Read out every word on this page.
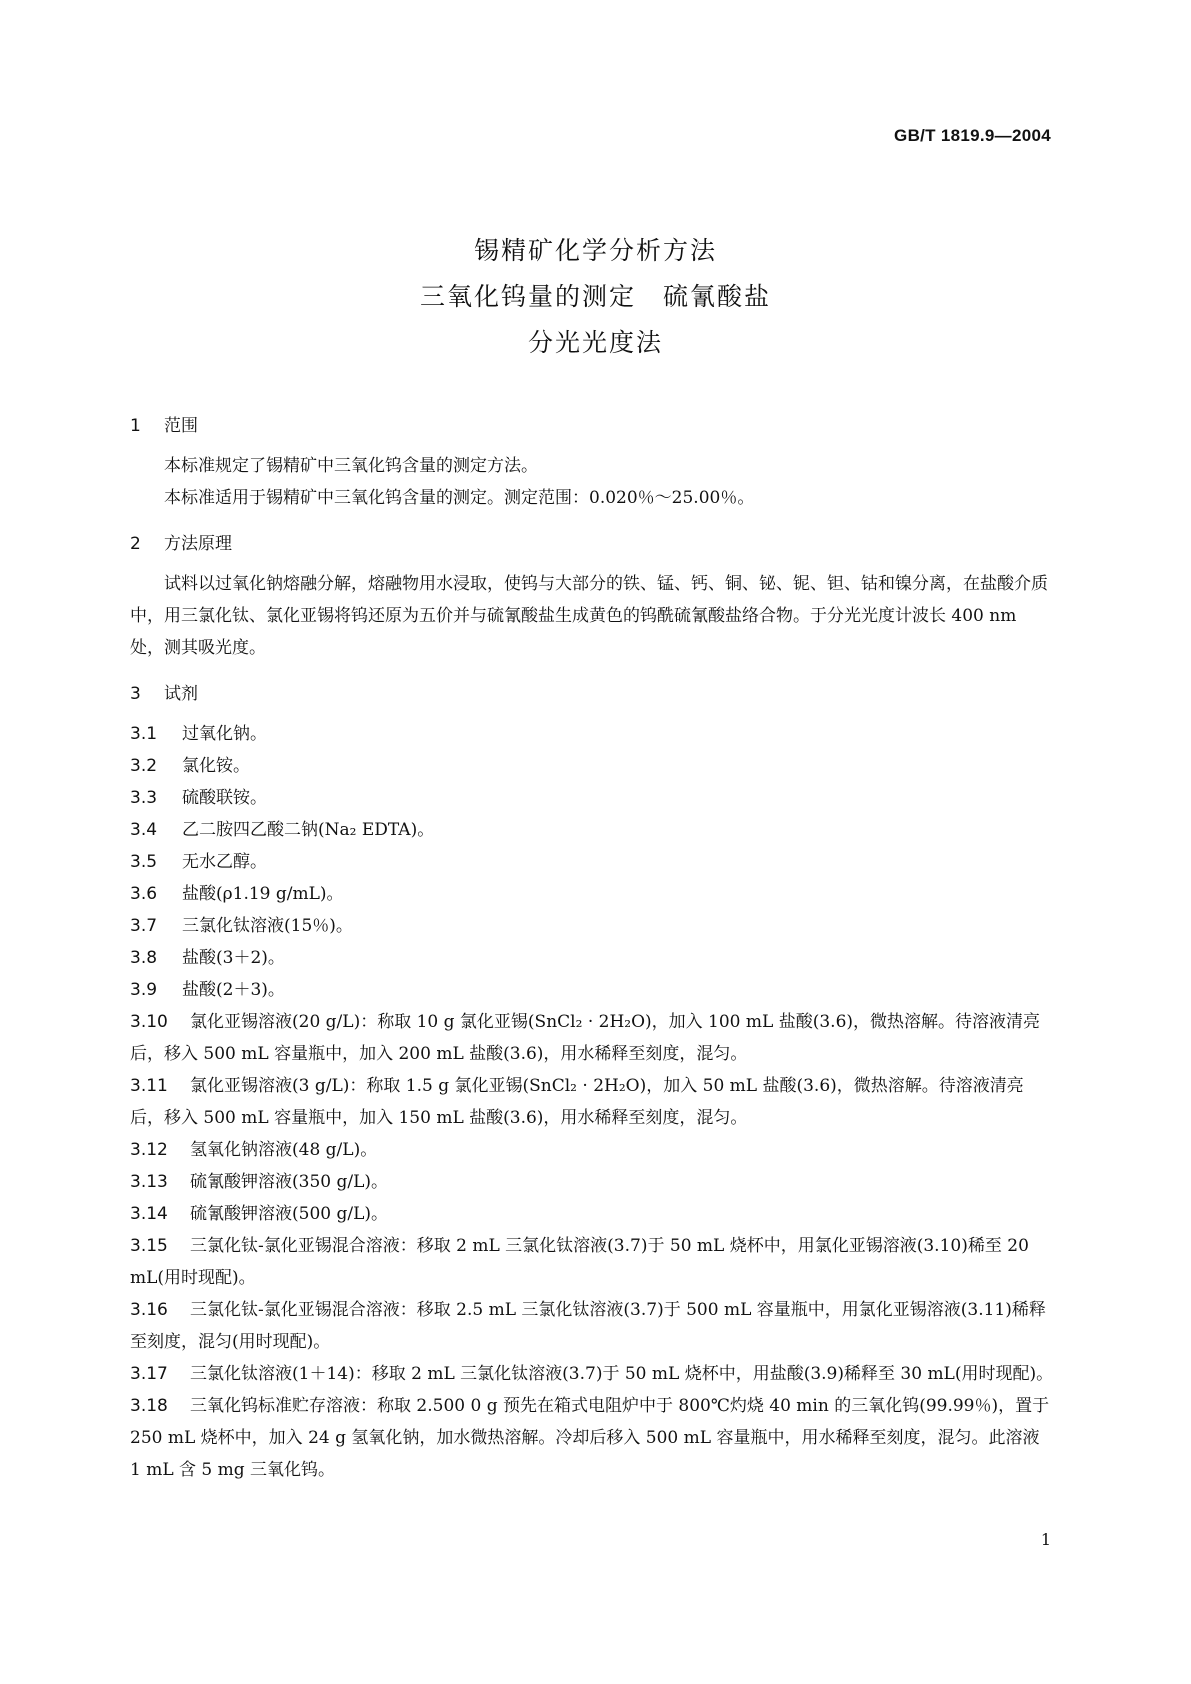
GB/T 1819.9—2004
锡精矿化学分析方法
三氧化钨量的测定　硫氰酸盐
分光光度法

1 范围

本标准规定了锡精矿中三氧化钨含量的测定方法。

本标准适用于锡精矿中三氧化钨含量的测定。测定范围：0.020％～25.00％。

2 方法原理

试料以过氧化钠熔融分解，熔融物用水浸取，使钨与大部分的铁、锰、钙、铜、铋、铌、钽、钴和镍分离，在盐酸介质中，用三氯化钛、氯化亚锡将钨还原为五价并与硫氰酸盐生成黄色的钨酰硫氰酸盐络合物。于分光光度计波长 400 nm 处，测其吸光度。

3 试剂

3.1 过氧化钠。

3.2 氯化铵。

3.3 硫酸联铵。

3.4 乙二胺四乙酸二钠(Na₂ EDTA)。

3.5 无水乙醇。

3.6 盐酸(ρ1.19 g/mL)。

3.7 三氯化钛溶液(15％)。

3.8 盐酸(3＋2)。

3.9 盐酸(2＋3)。

3.10 氯化亚锡溶液(20 g/L)：称取 10 g 氯化亚锡(SnCl₂ · 2H₂O)，加入 100 mL 盐酸(3.6)，微热溶解。待溶液清亮后，移入 500 mL 容量瓶中，加入 200 mL 盐酸(3.6)，用水稀释至刻度，混匀。

3.11 氯化亚锡溶液(3 g/L)：称取 1.5 g 氯化亚锡(SnCl₂ · 2H₂O)，加入 50 mL 盐酸(3.6)，微热溶解。待溶液清亮后，移入 500 mL 容量瓶中，加入 150 mL 盐酸(3.6)，用水稀释至刻度，混匀。

3.12 氢氧化钠溶液(48 g/L)。

3.13 硫氰酸钾溶液(350 g/L)。

3.14 硫氰酸钾溶液(500 g/L)。

3.15 三氯化钛-氯化亚锡混合溶液：移取 2 mL 三氯化钛溶液(3.7)于 50 mL 烧杯中，用氯化亚锡溶液(3.10)稀至 20 mL(用时现配)。

3.16 三氯化钛-氯化亚锡混合溶液：移取 2.5 mL 三氯化钛溶液(3.7)于 500 mL 容量瓶中，用氯化亚锡溶液(3.11)稀释至刻度，混匀(用时现配)。

3.17 三氯化钛溶液(1＋14)：移取 2 mL 三氯化钛溶液(3.7)于 50 mL 烧杯中，用盐酸(3.9)稀释至 30 mL(用时现配)。

3.18 三氧化钨标准贮存溶液：称取 2.500 0 g 预先在箱式电阻炉中于 800℃灼烧 40 min 的三氧化钨(99.99％)，置于 250 mL 烧杯中，加入 24 g 氢氧化钠，加水微热溶解。冷却后移入 500 mL 容量瓶中，用水稀释至刻度，混匀。此溶液 1 mL 含 5 mg 三氧化钨。

1
